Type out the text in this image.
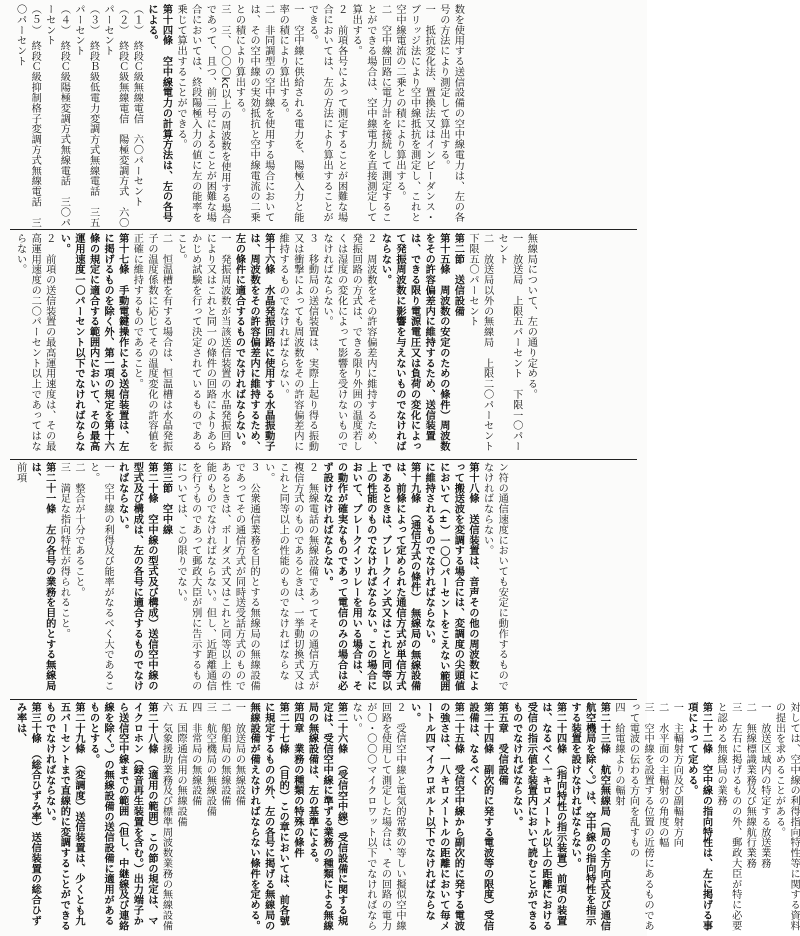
数を使用する送信設備の空中線電力は、左の各号の方法により測定して算出する。
一　抵抗変化法、置換法又はインピーダンス・ブリッジ法により空中線抵抗を測定し、これと空中線電流の二乗との積により算出する。
二　空中線回路に電力計を接続して測定することができる場合は、空中線電力を直接測定して算出する。
２　前項各号によって測定することが困難な場合においては、左の方法により算出することができる。
一　空中線に供給される電力を、陽極入力と能率の積により算出する。
二　非同調型の空中線を使用する場合においては、その空中線の実効抵抗と空中線電流の二乗との積により算出する。
三　三、〇〇〇kc以上の周波数を使用する場合であって、且つ、前二号によることが困難な場合においては、終段陽極入力の値に左の能率を乗じて算出することができる。
第十四條　空中線電力の計算方法は、左の各号による。
（１）　終段Ｃ級無線電信　六〇パーセント
（２）　終段Ｃ級無線電信　陽極変調方式　六〇パーセント
（３）　終段Ｂ級低電力変調方式無線電話　三五パーセント
（４）　終段Ｃ級陽極変調方式無線電話　三〇パーセント
（５）　終段Ｃ級抑制格子変調方式無線電話　三〇パーセント
無線局について、左の通り定める。
一　放送局　上限五パーセント　下限一〇パーセント
二　放送局以外の無線局　上限二〇パーセント　下限五〇パーセント
第二節　送信設備
第十五條　周波数の安定のための條件）周波数をその許容偏差内に維持するため、送信装置は、できる限り電源電圧又は負荷の変化によって発振周波数に影響を与えないものでなければならない。
２　周波数をその許容偏差内に維持するため、発振回路の方式は、できる限り外囲の温度若しくは湿度の変化によって影響を受けないものでなければならない。
３　移動局の送信装置は、実際上起り得る振動又は衝撃によっても周波数をその許容偏差内に維持するものでなければならない。
第十六條　水晶発振回路に使用する水晶振動子は、周波数をその許容偏差内に維持するため、左の條件に適合するものでなければならない。
一　発振周波数が当該送信装置の水晶発振回路により又はこれと同一の條件の回路によりあらかじめ試験を行って決定されているものであること。
二　恒温槽を有する場合は、恒温槽は水晶発振子の温度係数に応じてその温度変化の許容値を正確に維持するものであること。
第十七條　手動電鍵操作による送信装置は、左に掲げるものを除く外、第一項の規定を第十六條の規定に適合する範囲内において、その最高運用速度一〇パーセント以下でなければならない。
２　前項の送信装置の最高運用速度は、その最高運用速度の二〇パーセント以上であってはならない。
ン符の通信速度においても安定に動作するものでなければならない。
第十八條　送信装置は、音声その他の周波数によって搬送波を変調する場合には、変調度の尖頭値において（±）一〇〇パーセントをこえない範囲に維持されるものでなければならない。
第十九條　（通信方式の條件）　無線局の無線設備は、前條によって定められた通信方式が単信方式であるときは、ブレークイン式又はこれと同等以上の性能のものでなければならない。この場合において、ブレークインリレーを用いる場合は、その動作が確実なものであって電信のみの場合は必ず設けなければならない。
２　無線電話の無線設備であってその通信方式が複信方式のものであるときは、一挙動切換式又はこれと同等以上の性能のものでなければならない。
３　公衆通信業務を目的とする無線局の無線設備であってその通信方式が同時送受話方式のものであるときは、ボーダス式又はこれと同等以上の性能のものでなければならない。但し、近距離通信を行うものであって郵政大臣が別に告示するものについては、この限りでない。
第三節　空中線
第二十條　空中線の型式及び構成）送信空中線の型式及び構成は、左の各号に適合するものでなければならない。
一　空中線の利得及び能率がなるべく大であること。
二　整合が十分であること。
三　満足な指向特性が得られること。
第二十一條　左の各号の業務を目的とする無線局は、
前項
対しては、空中線の利得指向特性等に関する資料の提出を求めることがある。
一　放送区域内の特定する放送業務
二　無線標識業務及び無線航行業務
三　左右に掲げるものの外、郵政大臣が特に必要と認める無線局の業務
第二十二條　空中線の指向特性は、左に掲げる事項によって定める。
一　主輻射方向及び副輻射方向
二　水平面の主輻射の角度の幅
三　空中線を設置する位置の近傍にあるものであって電波の伝わる方向を乱すもの
四　給電線よりの輻射
第二十三條　航空無線局（局の全方向式及び通信航空機局を除く。）は、空中線の指向特性を指示する装置を設けなければならない。
第二十四條　（指向特性の指示装置）前項の装置は、なるべく一キロメートル以上の距離における受信の指示値を装置内において読むことができるものでなければならない。
第五章　受信設備
第二十四條　副次的に発する電波等の限度）受信設備は、なるべく
第二十五條　受信空中線から副次的に発する電波の強さは、一八キロメートルの距離において毎メートル四マイクロボルト以下でなければならない。
２　受信空中線と電気的常数の等しい擬似空中線回路を使用して測定した場合は、その回路の電力が〇・〇〇〇マイクロワット以下でなければならない。
第二十六條　（受信空中線）受信設備に関する規定は、受信空中線に準ずる業務の種類による無線局の無線設備は、左の基準による。
第四章　業務の種類の特殊の條件
第二十七條　（目的）この章においては、前各號に規定するものの外、左の各号に掲げる無線局の無線設備が備えなければならない條件を定める。
一　放送局の無線設備
二　船舶局の無線設備
三　航空機局の無線設備
四　非常局の無線設備
五　国際通信用の無線設備
六　気象援助業務及び標準周波数業務の無線設備
第二十八條　（適用の範囲）この節の規定は、マイクロホン（録音再生装置を含む。）出力端子から送信空中線までの範囲（但し、中継線及び連絡線を除く。）の無線設備の送信設備に適用があるものとする。
第二十九條　（変調度）送信装置は、少くとも九五パーセントまで直線的に変調することができるものでなければならない。
第三十條　（総合ひずみ率）送信装置の総合ひずみ率は、
